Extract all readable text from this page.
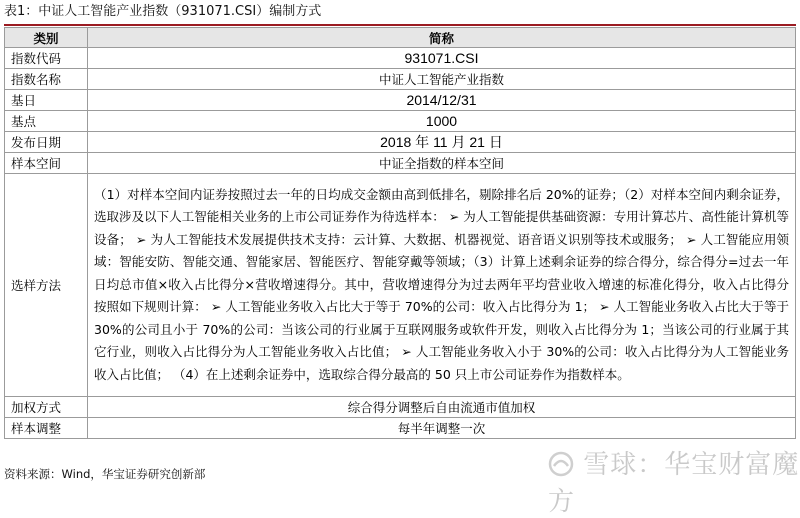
表1：中证人工智能产业指数（931071.CSI）编制方式
类别	简称
指数代码	931071.CSI
指数名称	中证人工智能产业指数
基日	2014/12/31
基点	1000
发布日期	2018 年 11 月 21 日
样本空间	中证全指数的样本空间
选样方法	（1）对样本空间内证券按照过去一年的日均成交金额由高到低排名，剔除排名后 20%的证券；（2）对样本空间内剩余证券，选取涉及以下人工智能相关业务的上市公司证券作为待选样本： ➢ 为人工智能提供基础资源：专用计算芯片、高性能计算机等设备； ➢ 为人工智能技术发展提供技术支持：云计算、大数据、机器视觉、语音语义识别等技术或服务； ➢ 人工智能应用领域：智能安防、智能交通、智能家居、智能医疗、智能穿戴等领域；（3）计算上述剩余证券的综合得分，综合得分=过去一年日均总市值×收入占比得分×营收增速得分。其中，营收增速得分为过去两年平均营业收入增速的标准化得分，收入占比得分按照如下规则计算： ➢ 人工智能业务收入占比大于等于 70%的公司：收入占比得分为 1； ➢ 人工智能业务收入占比大于等于 30%的公司且小于 70%的公司：当该公司的行业属于互联网服务或软件开发，则收入占比得分为 1；当该公司的行业属于其它行业，则收入占比得分为人工智能业务收入占比值； ➢ 人工智能业务收入小于 30%的公司：收入占比得分为人工智能业务收入占比值； （4）在上述剩余证券中，选取综合得分最高的 50 只上市公司证券作为指数样本。
加权方式	综合得分调整后自由流通市值加权
样本调整	每半年调整一次
资料来源：Wind，华宝证券研究创新部	雪球：华宝财富魔方
